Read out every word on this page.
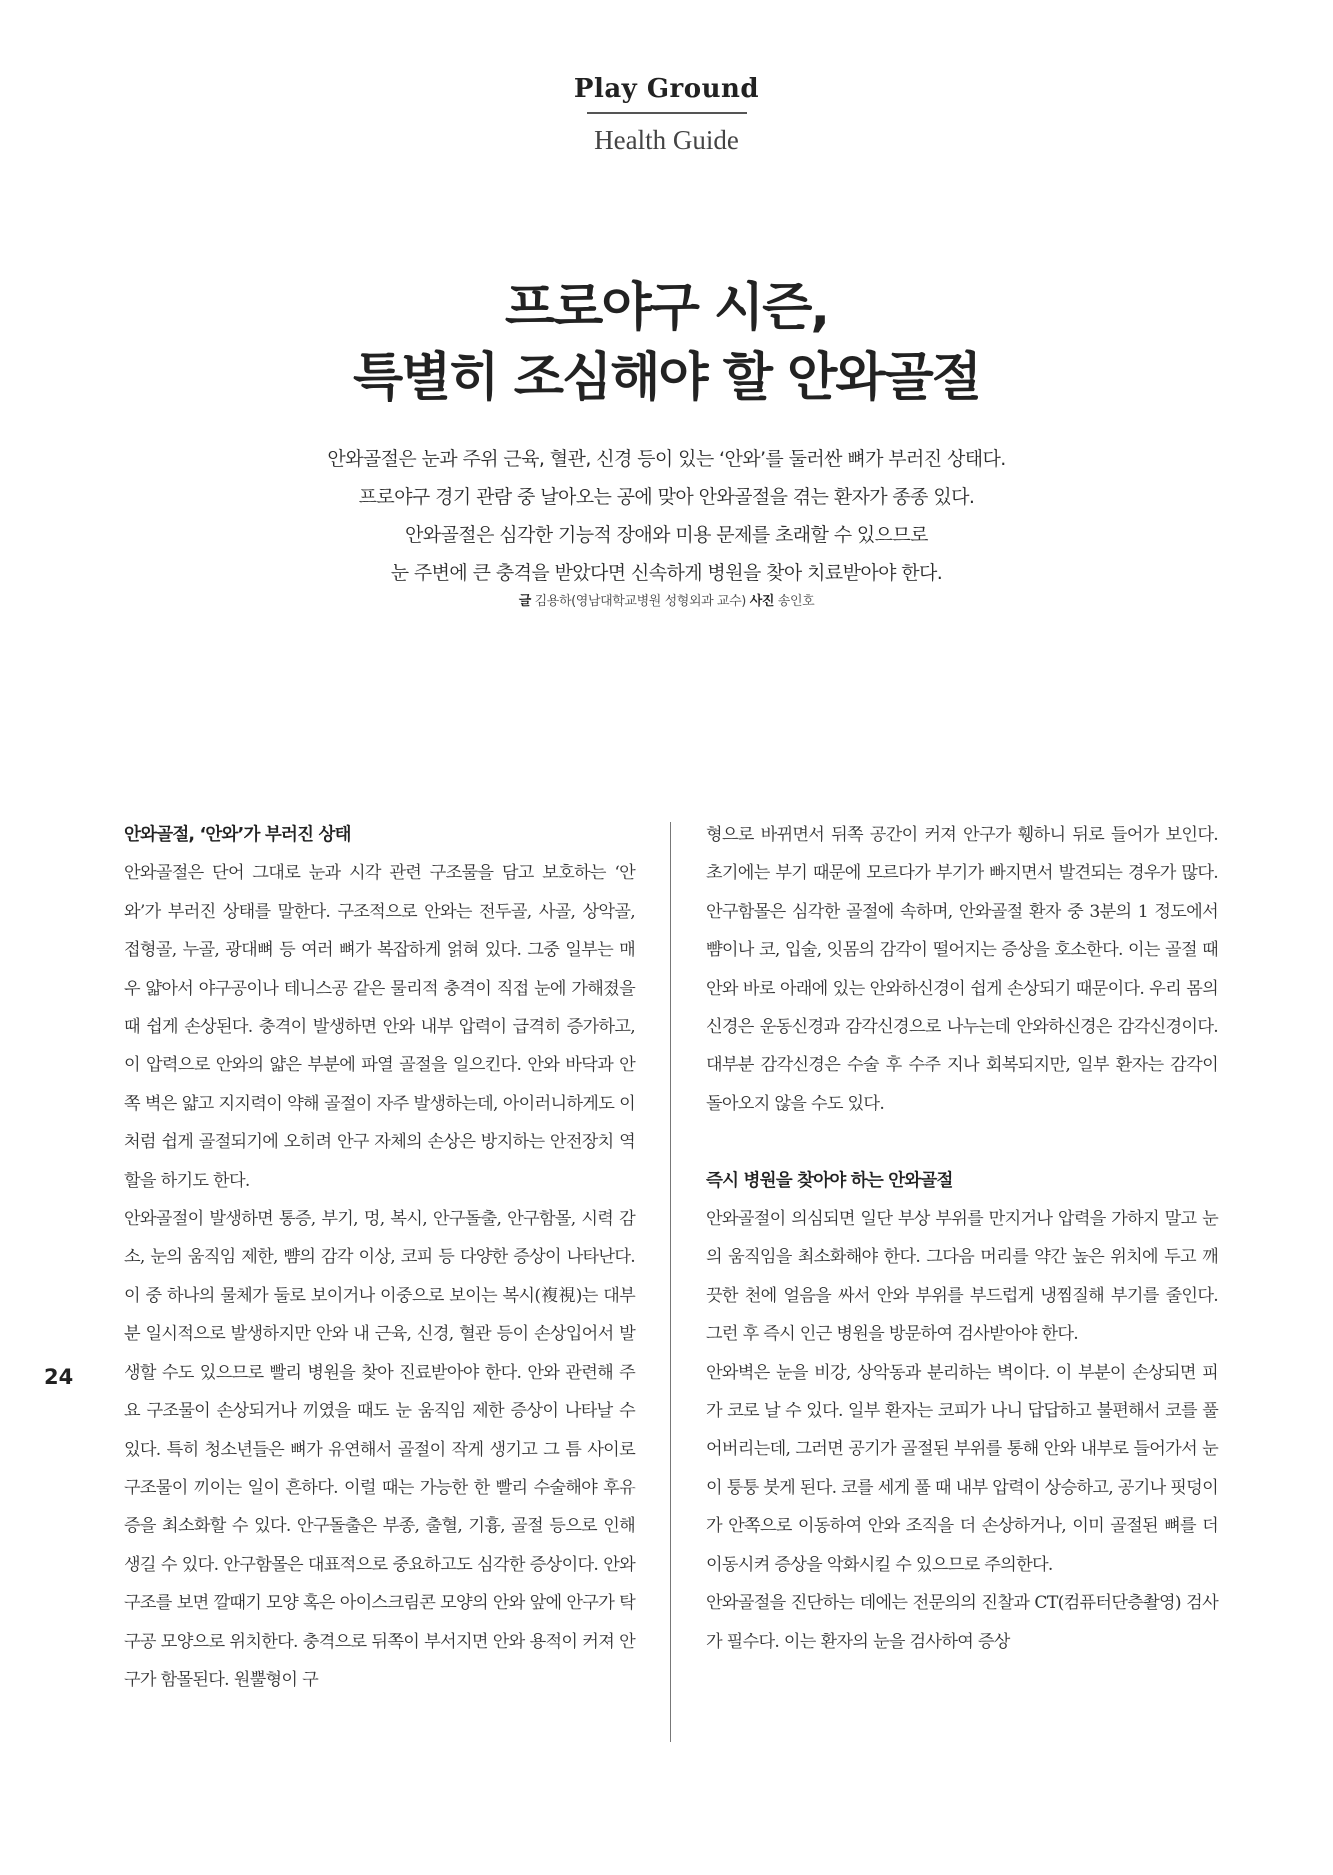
Play Ground
Health Guide
프로야구 시즌,
특별히 조심해야 할 안와골절
안와골절은 눈과 주위 근육, 혈관, 신경 등이 있는 ‘안와’를 둘러싼 뼈가 부러진 상태다.
프로야구 경기 관람 중 날아오는 공에 맞아 안와골절을 겪는 환자가 종종 있다.
안와골절은 심각한 기능적 장애와 미용 문제를 초래할 수 있으므로
눈 주변에 큰 충격을 받았다면 신속하게 병원을 찾아 치료받아야 한다.
글 김용하(영남대학교병원 성형외과 교수) 사진 송인호
24

안와골절, ‘안와’가 부러진 상태

안와골절은 단어 그대로 눈과 시각 관련 구조물을 담고 보호하는 ‘안와’가 부러진 상태를 말한다. 구조적으로 안와는 전두골, 사골, 상악골, 접형골, 누골, 광대뼈 등 여러 뼈가 복잡하게 얽혀 있다. 그중 일부는 매우 얇아서 야구공이나 테니스공 같은 물리적 충격이 직접 눈에 가해졌을 때 쉽게 손상된다. 충격이 발생하면 안와 내부 압력이 급격히 증가하고, 이 압력으로 안와의 얇은 부분에 파열 골절을 일으킨다. 안와 바닥과 안쪽 벽은 얇고 지지력이 약해 골절이 자주 발생하는데, 아이러니하게도 이처럼 쉽게 골절되기에 오히려 안구 자체의 손상은 방지하는 안전장치 역할을 하기도 한다.

안와골절이 발생하면 통증, 부기, 멍, 복시, 안구돌출, 안구함몰, 시력 감소, 눈의 움직임 제한, 뺨의 감각 이상, 코피 등 다양한 증상이 나타난다. 이 중 하나의 물체가 둘로 보이거나 이중으로 보이는 복시(複視)는 대부분 일시적으로 발생하지만 안와 내 근육, 신경, 혈관 등이 손상입어서 발생할 수도 있으므로 빨리 병원을 찾아 진료받아야 한다. 안와 관련해 주요 구조물이 손상되거나 끼였을 때도 눈 움직임 제한 증상이 나타날 수 있다. 특히 청소년들은 뼈가 유연해서 골절이 작게 생기고 그 틈 사이로 구조물이 끼이는 일이 흔하다. 이럴 때는 가능한 한 빨리 수술해야 후유증을 최소화할 수 있다. 안구돌출은 부종, 출혈, 기흉, 골절 등으로 인해 생길 수 있다. 안구함몰은 대표적으로 중요하고도 심각한 증상이다. 안와 구조를 보면 깔때기 모양 혹은 아이스크림콘 모양의 안와 앞에 안구가 탁구공 모양으로 위치한다. 충격으로 뒤쪽이 부서지면 안와 용적이 커져 안구가 함몰된다. 원뿔형이 구

형으로 바뀌면서 뒤쪽 공간이 커져 안구가 휑하니 뒤로 들어가 보인다. 초기에는 부기 때문에 모르다가 부기가 빠지면서 발견되는 경우가 많다. 안구함몰은 심각한 골절에 속하며, 안와골절 환자 중 3분의 1 정도에서 뺨이나 코, 입술, 잇몸의 감각이 떨어지는 증상을 호소한다. 이는 골절 때 안와 바로 아래에 있는 안와하신경이 쉽게 손상되기 때문이다. 우리 몸의 신경은 운동신경과 감각신경으로 나누는데 안와하신경은 감각신경이다. 대부분 감각신경은 수술 후 수주 지나 회복되지만, 일부 환자는 감각이 돌아오지 않을 수도 있다.

즉시 병원을 찾아야 하는 안와골절

안와골절이 의심되면 일단 부상 부위를 만지거나 압력을 가하지 말고 눈의 움직임을 최소화해야 한다. 그다음 머리를 약간 높은 위치에 두고 깨끗한 천에 얼음을 싸서 안와 부위를 부드럽게 냉찜질해 부기를 줄인다. 그런 후 즉시 인근 병원을 방문하여 검사받아야 한다.

안와벽은 눈을 비강, 상악동과 분리하는 벽이다. 이 부분이 손상되면 피가 코로 날 수 있다. 일부 환자는 코피가 나니 답답하고 불편해서 코를 풀어버리는데, 그러면 공기가 골절된 부위를 통해 안와 내부로 들어가서 눈이 퉁퉁 붓게 된다. 코를 세게 풀 때 내부 압력이 상승하고, 공기나 핏덩이가 안쪽으로 이동하여 안와 조직을 더 손상하거나, 이미 골절된 뼈를 더 이동시켜 증상을 악화시킬 수 있으므로 주의한다.

안와골절을 진단하는 데에는 전문의의 진찰과 CT(컴퓨터단층촬영) 검사가 필수다. 이는 환자의 눈을 검사하여 증상
